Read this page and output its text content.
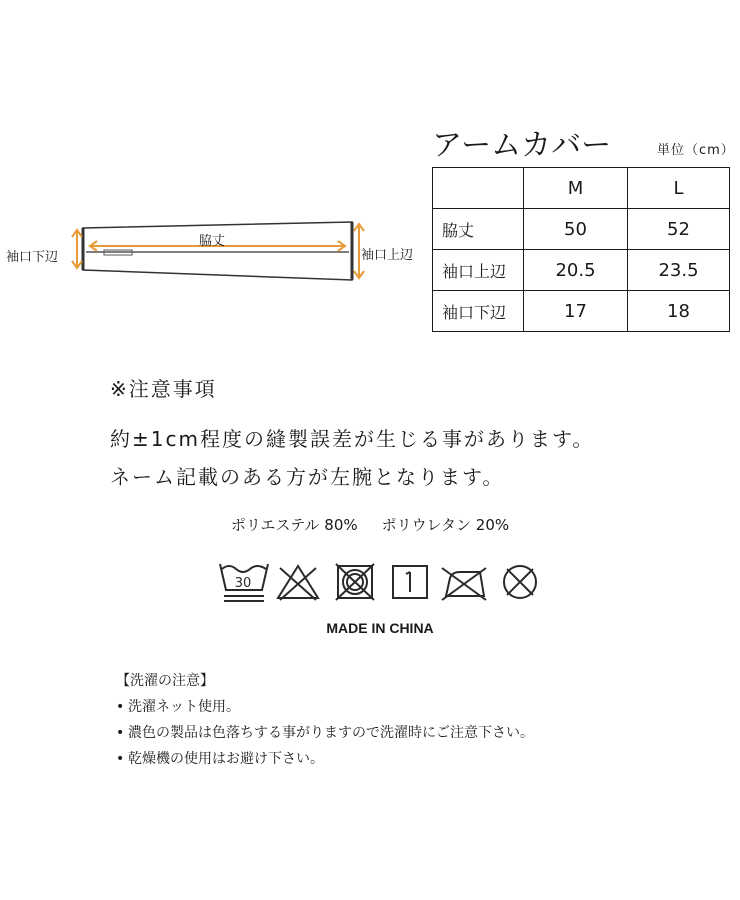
脇丈
袖口下辺	袖口上辺
アームカバー	単位（cm）
	M	L
脇丈	50	52
袖口上辺	20.5	23.5
袖口下辺	17	18
※注意事項
約±1cm程度の縫製誤差が生じる事があります。
ネーム記載のある方が左腕となります。
ポリエステル 80% ポリウレタン 20%
30
MADE IN CHINA
【洗濯の注意】
• 洗濯ネット使用。
• 濃色の製品は色落ちする事がりますので洗濯時にご注意下さい。
• 乾燥機の使用はお避け下さい。
